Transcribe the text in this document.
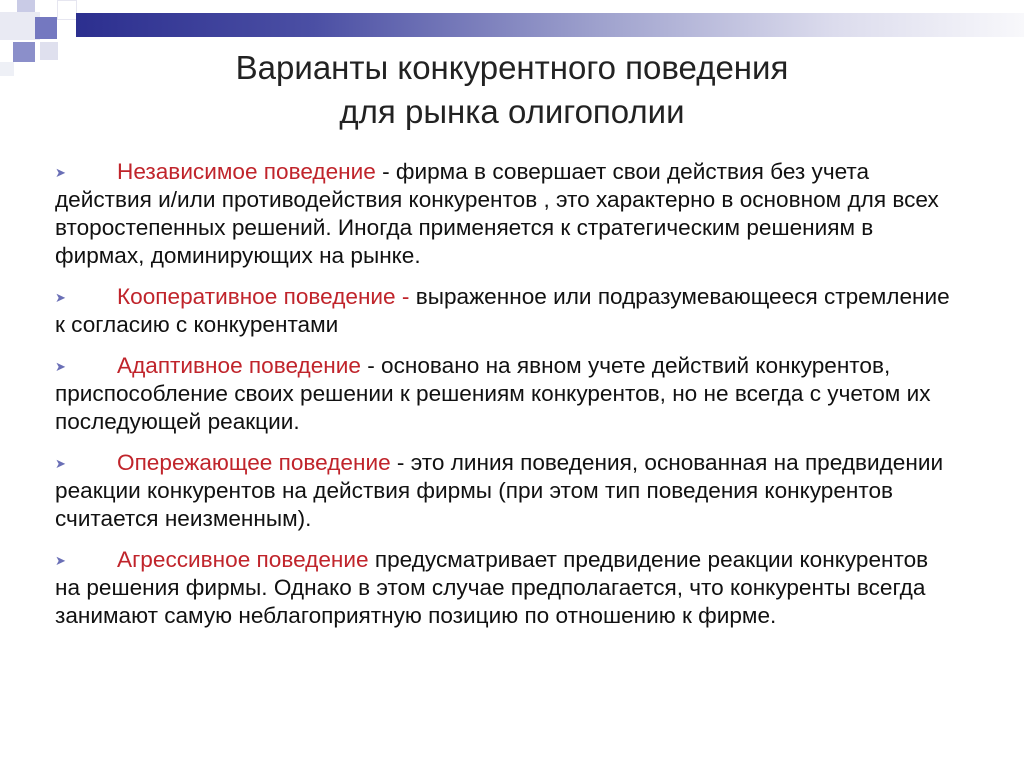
Варианты конкурентного поведения
для рынка олигополии
➤ Независимое поведение - фирма в совершает свои действия без учета действия и/или противодействия конкурентов , это характерно в основном для всех второстепенных решений. Иногда применяется к стратегическим решениям в фирмах, доминирующих на рынке.
➤ Кооперативное поведение - выраженное или подразумевающееся стремление к согласию с конкурентами
➤ Адаптивное поведение - основано на явном учете действий конкурентов, приспособление своих решении к решениям конкурентов, но не всегда с учетом их последующей реакции.
➤ Опережающее поведение - это линия поведения, основанная на предвидении реакции конкурентов на действия фирмы (при этом тип поведения конкурентов считается неизменным).
➤ Агрессивное поведение предусматривает предвидение реакции конкурентов на решения фирмы. Однако в этом случае предполагается, что конкуренты всегда занимают самую неблагоприятную позицию по отношению к фирме.
